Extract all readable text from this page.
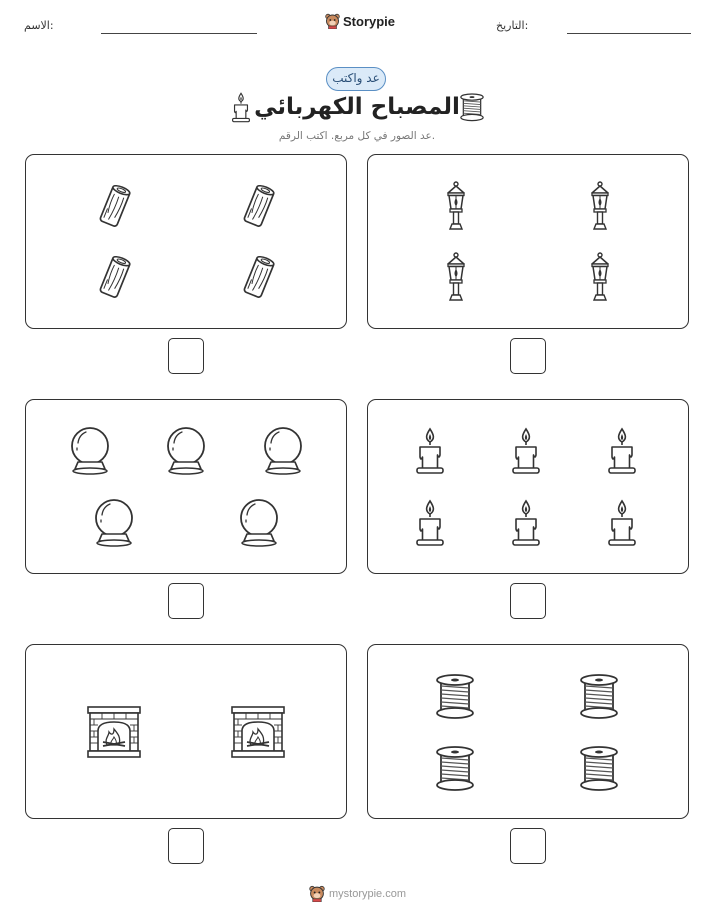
التاريخ:
الاسم:	Storypie
عد واكتب
المصباح الكهربائي
عد الصور في كل مربع. اكتب الرقم.
mystorypie.com
